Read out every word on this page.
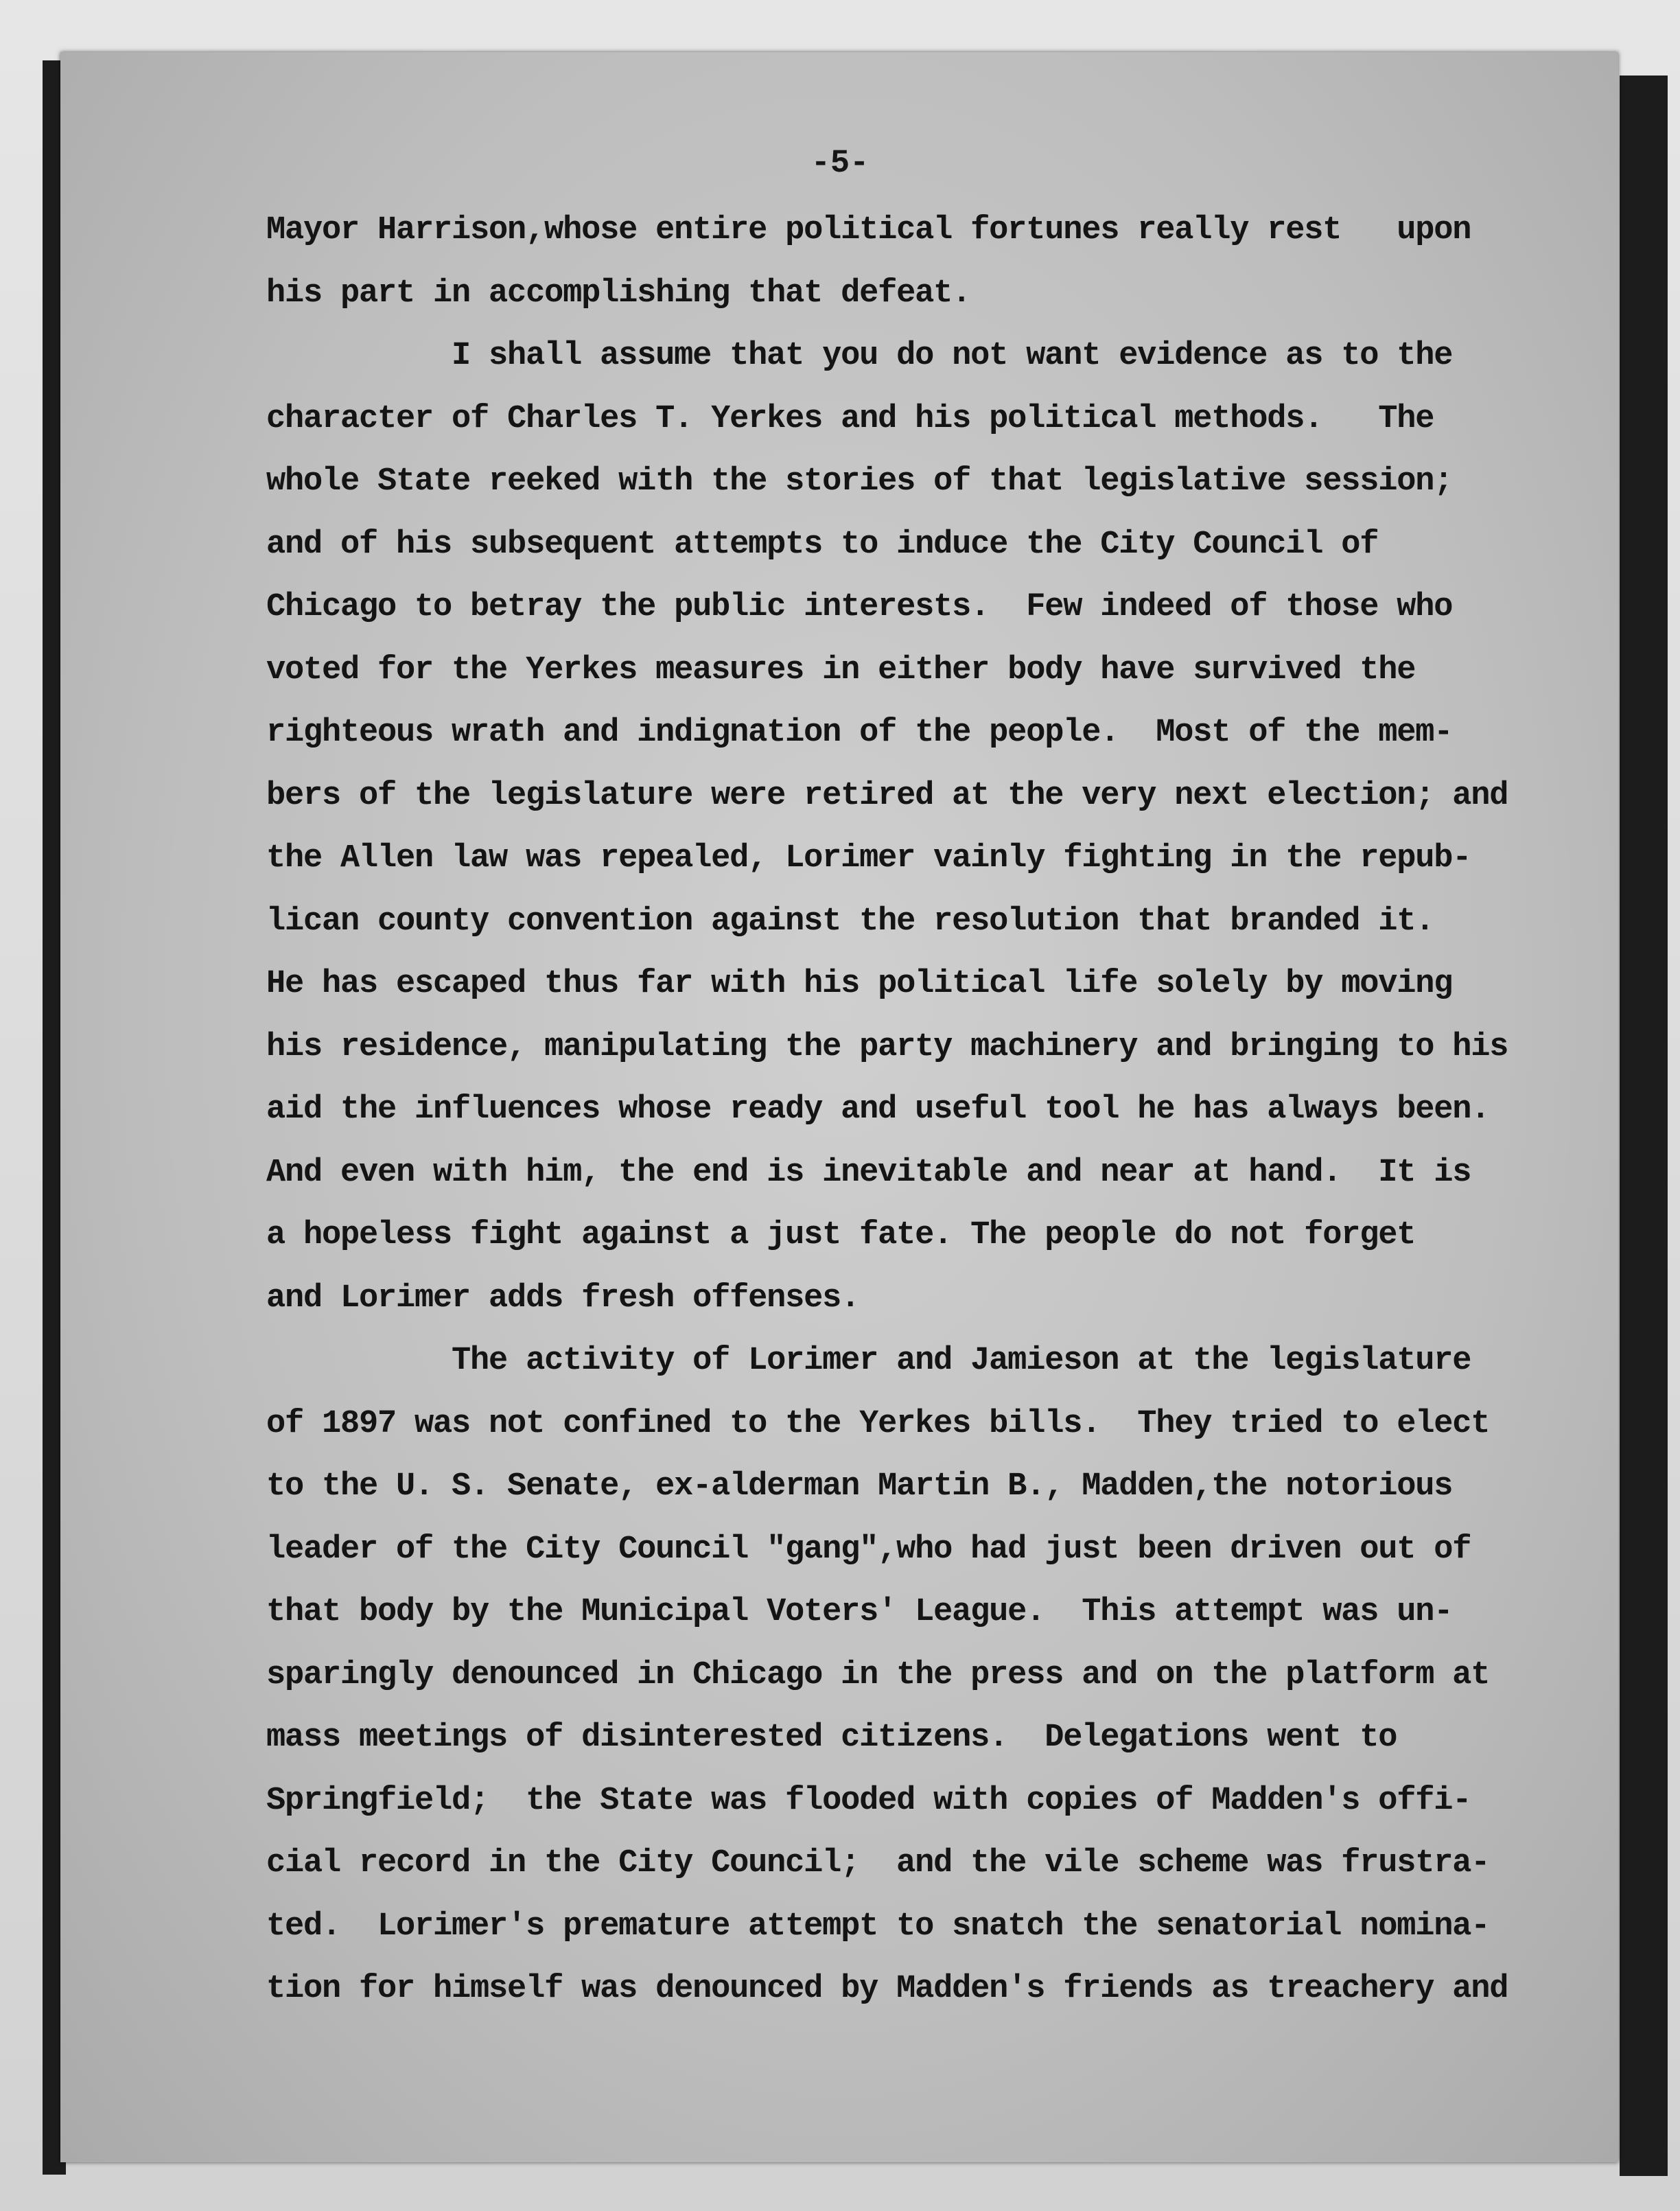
-5-
Mayor Harrison,whose entire political fortunes really rest   upon
his part in accomplishing that defeat.
I shall assume that you do not want evidence as to the
character of Charles T. Yerkes and his political methods.   The
whole State reeked with the stories of that legislative session;
and of his subsequent attempts to induce the City Council of
Chicago to betray the public interests.  Few indeed of those who
voted for the Yerkes measures in either body have survived the
righteous wrath and indignation of the people.  Most of the mem-
bers of the legislature were retired at the very next election; and
the Allen law was repealed, Lorimer vainly fighting in the repub-
lican county convention against the resolution that branded it.
He has escaped thus far with his political life solely by moving
his residence, manipulating the party machinery and bringing to his
aid the influences whose ready and useful tool he has always been.
And even with him, the end is inevitable and near at hand.  It is
a hopeless fight against a just fate. The people do not forget
and Lorimer adds fresh offenses.
The activity of Lorimer and Jamieson at the legislature
of 1897 was not confined to the Yerkes bills.  They tried to elect
to the U. S. Senate, ex-alderman Martin B., Madden,the notorious
leader of the City Council "gang",who had just been driven out of
that body by the Municipal Voters' League.  This attempt was un-
sparingly denounced in Chicago in the press and on the platform at
mass meetings of disinterested citizens.  Delegations went to
Springfield;  the State was flooded with copies of Madden's offi-
cial record in the City Council;  and the vile scheme was frustra-
ted.  Lorimer's premature attempt to snatch the senatorial nomina-
tion for himself was denounced by Madden's friends as treachery and
